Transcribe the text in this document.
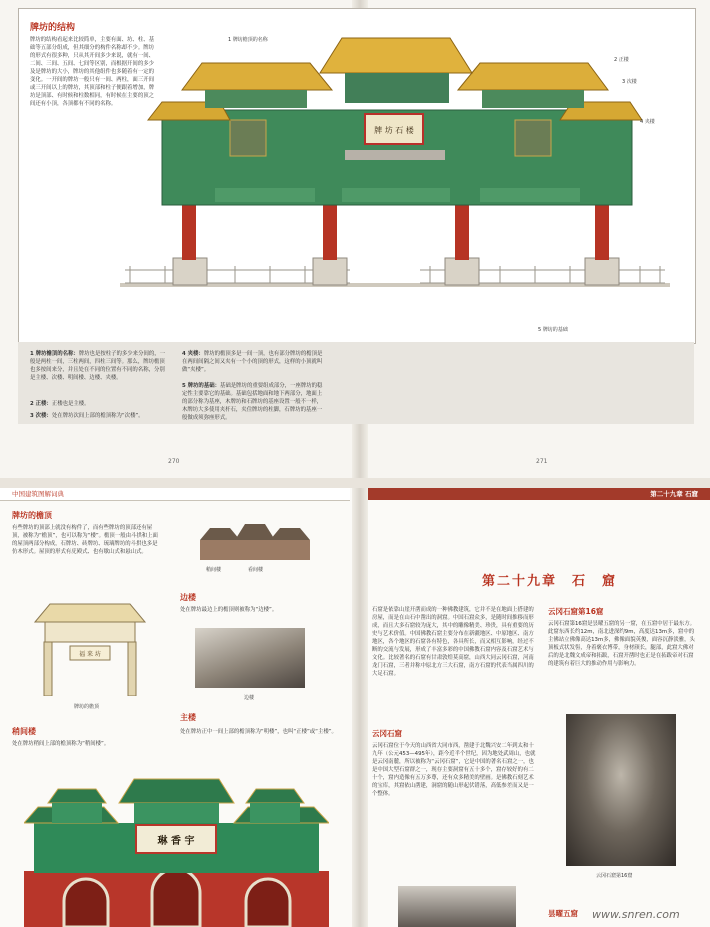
牌坊的结构
牌坊的结构看起来比较简单，主要有面、坊、柱、基础等五部分组成，但其细分的构件名称却不少。牌坊的形式有很多种，只从其开间多少来说，就有一间、二间、三间、五间、七间等区别，而根据开间的多少及是牌坊的大小，牌坊的其他组件也多随着有一定的变化。一开间的牌坊一般只有一间、两柱，面三开间或三开间以上的牌坊，其顶部和柱子便跟着增加，牌坊是顶部、有时候和柱数相同，有时候在主要的顶之间还有小顶，各顶都有不同的名称。
牌 坊 石 楼
1 牌坊檐顶的名称
2 正楼
3 次楼
4 夹楼
5 牌坊的基础
1 牌坊檐顶的名称：牌坊也是按柱子的多少来分间的，一般是两柱一间，三柱两间，四柱三间等。那么，牌坊檐顶也多按间来分，并且处在不同的位置有不同的名称，分别是主楼、次楼、明间楼、边楼、夹楼。
2 正楼：正楼也是主楼。
3 次楼：处在牌坊次间上部的檐顶称为“次楼”。
4 夹楼：牌坊的檐顶多是一间一顶，也有部分牌坊的檐顶是在两间间隔之间又夹有一个小的顶的形式，这样的小顶就叫做“夹楼”。
5 牌坊的基础：基础是牌坊的重要组成部分，一座牌坊的稳定性主要靠它的基础。基础包括地面和地下两部分，地面上的部分称为基座，木牌坊和石牌坊的基座设置一般不一样，木牌坊大多使用夹杆石，夹住牌坊的柱脚，石牌坊的基座一般做成须弥座形式。
270	271
中国建筑图解词典	第二十九章 石窟
牌坊的檐顶
有些牌坊的顶部上就没有构件了，而有些牌坊的顶部还有屋顶，被称为“檐顶”，也可以称为“楼”。檐顶一般由斗拱和上面的屋顶两部分构成，石牌坊、砖牌坊、琉璃牌坊的斗拱也多是仿木形式。屋顶的形式有庑殿式、也有歇山式和悬山式。
福 来 坊
牌坊的檐顶
稍间楼
处在牌坊稍间上部的檐顶称为“稍间楼”。
稍间楼	看间楼
边楼
处在牌坊最边上的檐顶则被称为“边楼”。
边楼
主楼
处在牌坊正中一间上部的檐顶称为“明楼”，也叫“正楼”或“主楼”。
琳 香 宇
第二十九章　石　窟
石窟是依靠山崖开凿而成的一种佛教建筑，它并不是在地面上搭建的房屋，而是在山石中凿出的洞窟。中国石窟众多，是随时间推移而形成，而且大多石窟较为庞大，其中的雕像精美、珍贵，具有重要的历史与艺术价值。中国佛教石窟主要分布在新疆地区、中原地区、南方地区，各个地区的石窟各有特色，各具所长，而又相互影响，经过不断的交流与发展，形成了丰富多彩的中国佛教石窟内容及石窟艺术与文化。比较著名的石窟有甘肃敦煌莫高窟，山西大同云冈石窟，河南龙门石窟，三者并称中原北方三大石窟，南方石窟的代表当属四川的大足石窟。
云冈石窟
云冈石窟位于今天的山西省大同市西，凿建于北魏兴安二年到太和十九年（公元453—495年），距今近半个世纪，因为地处武周山，也就是云冈南麓，所以被称为“云冈石窟”，它是中国的著名石窟之一，也是中国大型石窟群之一，现存主要洞窟有五十多个，窟存较好的有二十个，窟内造像有五万多尊，还有众多精美的壁画。是佛教石刻艺术的宝库，其窟依山凿建，洞窟的随山形起伏错落，高低参差而又是一个整体。
云冈石窟第16窟
云冈石窟第16窟是昙曜五窟的另一窟，在五窟中居于最东方。此窟东西长约12m，南北进深约9m，高度达13m多，窟中的主佛站立佛像高达13m多，佛像面貌英俊，面容沉静淡雅，头顶板式状发髻，身着褒衣博带，身材颀长，腿部，此窟大佛对后的是北魏文成帝和拓跋，石窟开凿时也正是在拓跋帝对石窟的建筑有着巨大的推动作用与影响力。
云冈石窟第16窟
昙曜五窟 www.snren.com
